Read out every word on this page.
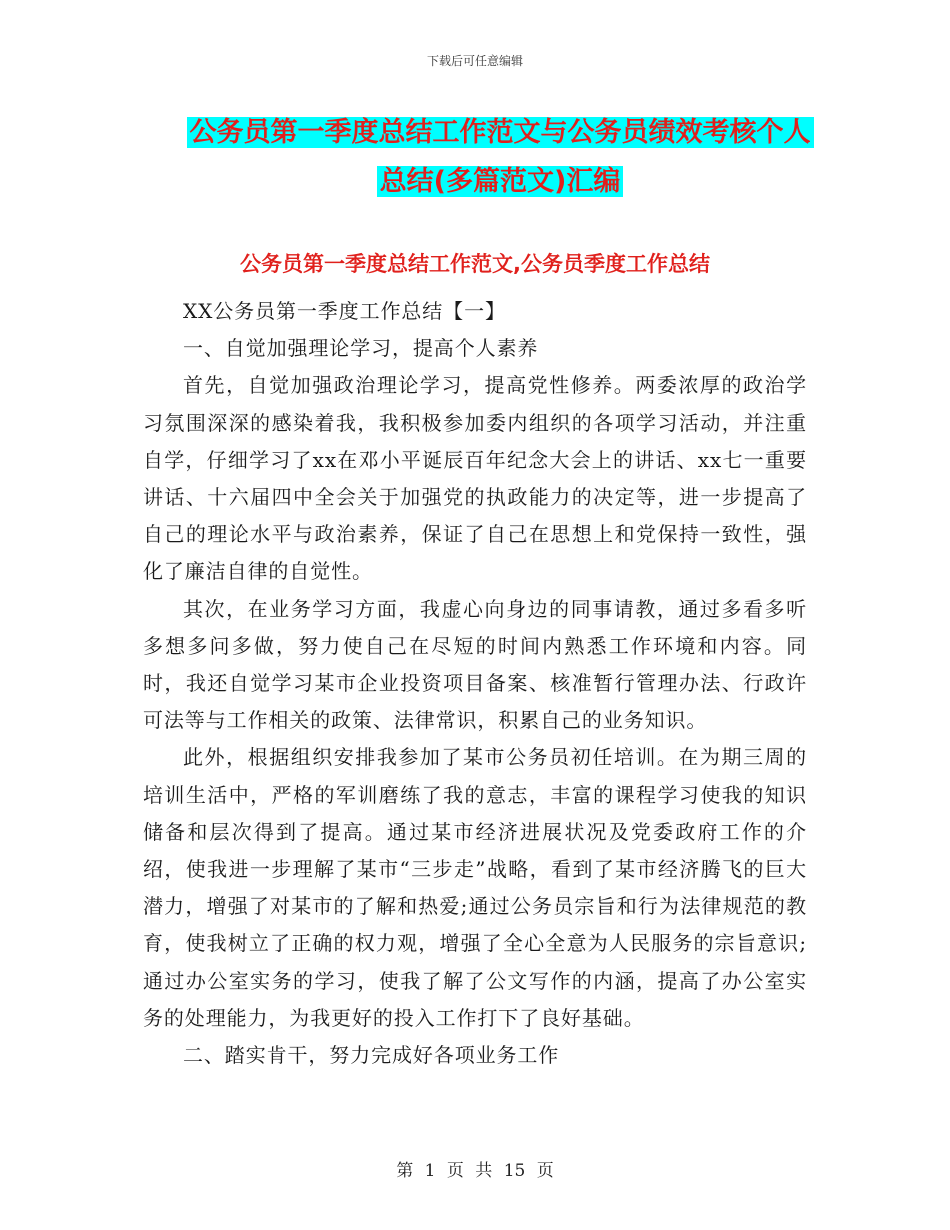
下载后可任意编辑
公务员第一季度总结工作范文与公务员绩效考核个人
总结(多篇范文)汇编
公务员第一季度总结工作范文,公务员季度工作总结

XX公务员第一季度工作总结【一】

一、自觉加强理论学习，提高个人素养

首先，自觉加强政治理论学习，提高党性修养。两委浓厚的政治学习氛围深深的感染着我，我积极参加委内组织的各项学习活动，并注重自学，仔细学习了xx在邓小平诞辰百年纪念大会上的讲话、xx七一重要讲话、十六届四中全会关于加强党的执政能力的决定等，进一步提高了自己的理论水平与政治素养，保证了自己在思想上和党保持一致性，强化了廉洁自律的自觉性。

其次，在业务学习方面，我虚心向身边的同事请教，通过多看多听多想多问多做，努力使自己在尽短的时间内熟悉工作环境和内容。同时，我还自觉学习某市企业投资项目备案、核准暂行管理办法、行政许可法等与工作相关的政策、法律常识，积累自己的业务知识。

此外，根据组织安排我参加了某市公务员初任培训。在为期三周的培训生活中，严格的军训磨练了我的意志，丰富的课程学习使我的知识储备和层次得到了提高。通过某市经济进展状况及党委政府工作的介绍，使我进一步理解了某市“三步走”战略，看到了某市经济腾飞的巨大潜力，增强了对某市的了解和热爱;通过公务员宗旨和行为法律规范的教育，使我树立了正确的权力观，增强了全心全意为人民服务的宗旨意识;通过办公室实务的学习，使我了解了公文写作的内涵，提高了办公室实务的处理能力，为我更好的投入工作打下了良好基础。

二、踏实肯干，努力完成好各项业务工作

第 1 页 共 15 页
